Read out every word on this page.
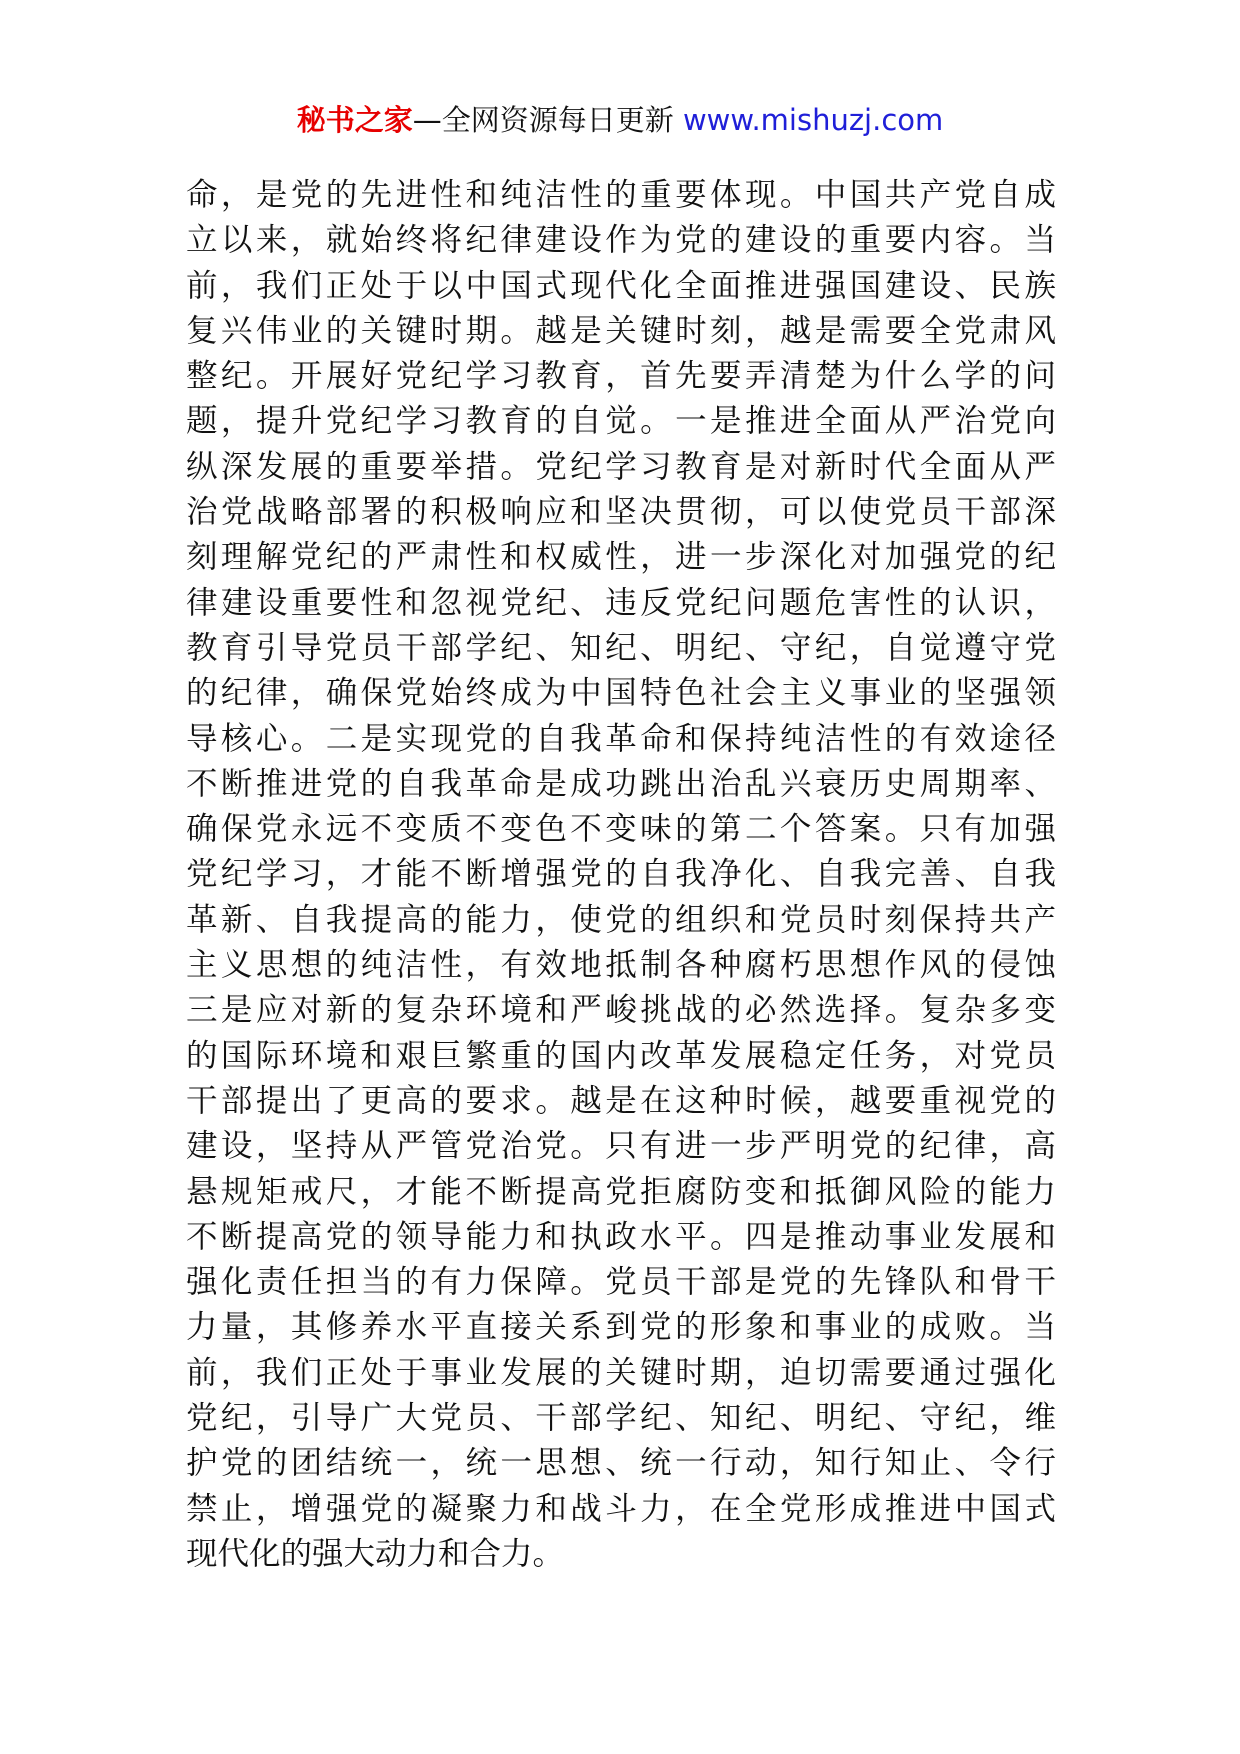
秘书之家—全网资源每日更新 www.mishuzj.com
命，是党的先进性和纯洁性的重要体现。中国共产党自成
立以来，就始终将纪律建设作为党的建设的重要内容。当
前，我们正处于以中国式现代化全面推进强国建设、民族
复兴伟业的关键时期。越是关键时刻，越是需要全党肃风
整纪。开展好党纪学习教育，首先要弄清楚为什么学的问
题，提升党纪学习教育的自觉。一是推进全面从严治党向
纵深发展的重要举措。党纪学习教育是对新时代全面从严
治党战略部署的积极响应和坚决贯彻，可以使党员干部深
刻理解党纪的严肃性和权威性，进一步深化对加强党的纪
律建设重要性和忽视党纪、违反党纪问题危害性的认识，
教育引导党员干部学纪、知纪、明纪、守纪，自觉遵守党
的纪律，确保党始终成为中国特色社会主义事业的坚强领
导核心。二是实现党的自我革命和保持纯洁性的有效途径
不断推进党的自我革命是成功跳出治乱兴衰历史周期率、
确保党永远不变质不变色不变味的第二个答案。只有加强
党纪学习，才能不断增强党的自我净化、自我完善、自我
革新、自我提高的能力，使党的组织和党员时刻保持共产
主义思想的纯洁性，有效地抵制各种腐朽思想作风的侵蚀
三是应对新的复杂环境和严峻挑战的必然选择。复杂多变
的国际环境和艰巨繁重的国内改革发展稳定任务，对党员
干部提出了更高的要求。越是在这种时候，越要重视党的
建设，坚持从严管党治党。只有进一步严明党的纪律，高
悬规矩戒尺，才能不断提高党拒腐防变和抵御风险的能力
不断提高党的领导能力和执政水平。四是推动事业发展和
强化责任担当的有力保障。党员干部是党的先锋队和骨干
力量，其修养水平直接关系到党的形象和事业的成败。当
前，我们正处于事业发展的关键时期，迫切需要通过强化
党纪，引导广大党员、干部学纪、知纪、明纪、守纪，维
护党的团结统一，统一思想、统一行动，知行知止、令行
禁止，增强党的凝聚力和战斗力，在全党形成推进中国式
现代化的强大动力和合力。
